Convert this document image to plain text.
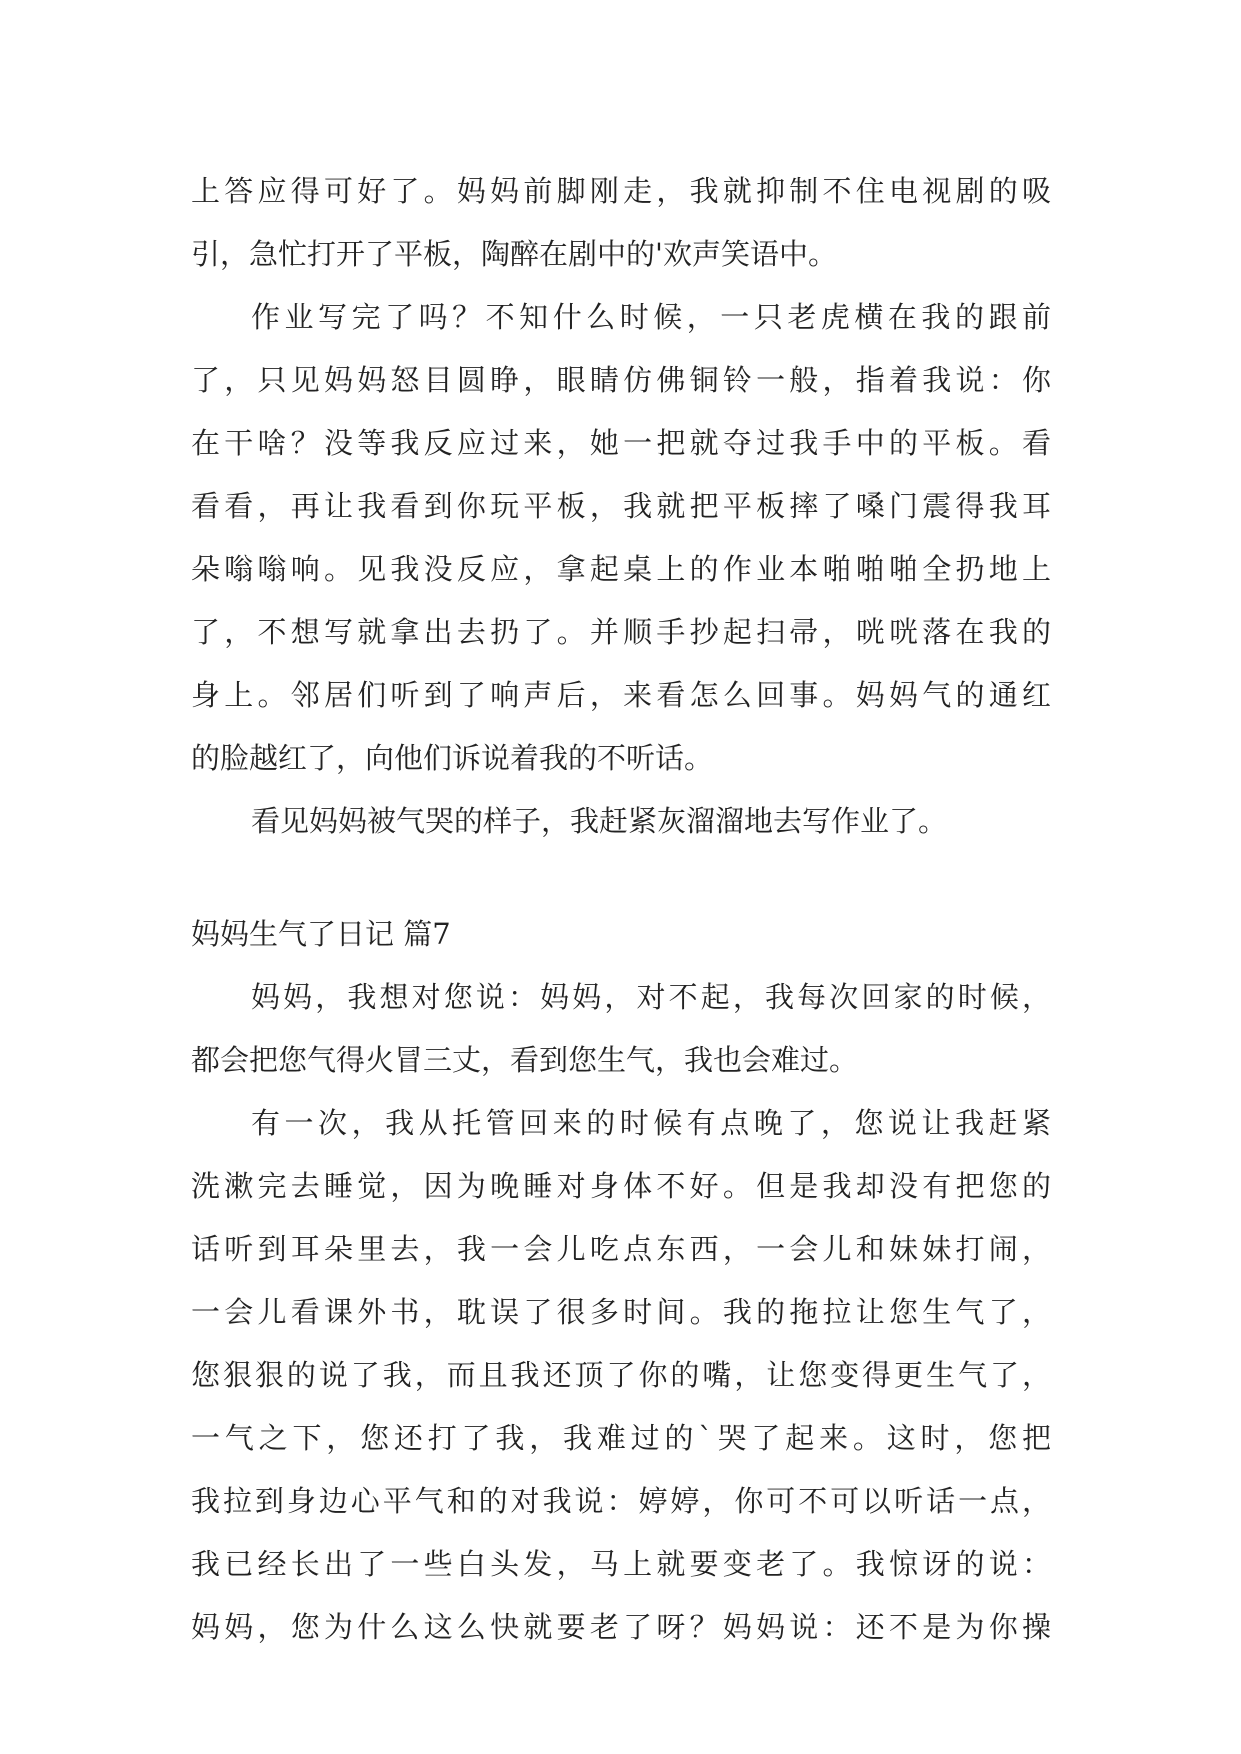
上答应得可好了。妈妈前脚刚走，我就抑制不住电视剧的吸
引，急忙打开了平板，陶醉在剧中的'欢声笑语中。
作业写完了吗？不知什么时候，一只老虎横在我的跟前
了，只见妈妈怒目圆睁，眼睛仿佛铜铃一般，指着我说：你
在干啥？没等我反应过来，她一把就夺过我手中的平板。看
看看，再让我看到你玩平板，我就把平板摔了嗓门震得我耳
朵嗡嗡响。见我没反应，拿起桌上的作业本啪啪啪全扔地上
了，不想写就拿出去扔了。并顺手抄起扫帚，咣咣落在我的
身上。邻居们听到了响声后，来看怎么回事。妈妈气的通红
的脸越红了，向他们诉说着我的不听话。
看见妈妈被气哭的样子，我赶紧灰溜溜地去写作业了。
妈妈生气了日记 篇7
妈妈，我想对您说：妈妈，对不起，我每次回家的时候，
都会把您气得火冒三丈，看到您生气，我也会难过。
有一次，我从托管回来的时候有点晚了，您说让我赶紧
洗漱完去睡觉，因为晚睡对身体不好。但是我却没有把您的
话听到耳朵里去，我一会儿吃点东西，一会儿和妹妹打闹，
一会儿看课外书，耽误了很多时间。我的拖拉让您生气了，
您狠狠的说了我，而且我还顶了你的嘴，让您变得更生气了，
一气之下，您还打了我，我难过的`哭了起来。这时，您把
我拉到身边心平气和的对我说：婷婷，你可不可以听话一点，
我已经长出了一些白头发，马上就要变老了。我惊讶的说：
妈妈，您为什么这么快就要老了呀？妈妈说：还不是为你操
